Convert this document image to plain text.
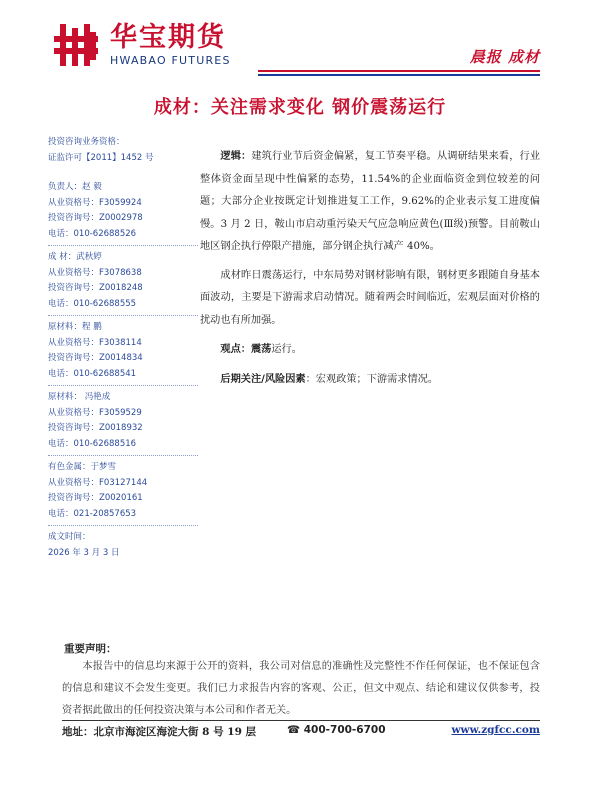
华宝期货
HWABAO FUTURES	晨报 成材
成材：关注需求变化 钢价震荡运行
投资咨询业务资格：
证监许可【2011】1452 号
负责人：赵 毅
从业资格号：F3059924
投资咨询号：Z0002978
电话：010-62688526
成 材：武秋婷
从业资格号：F3078638
投资咨询号：Z0018248
电话：010-62688555
原材料：程 鹏
从业资格号：F3038114
投资咨询号：Z0014834
电话：010-62688541
原材料： 冯艳成
从业资格号：F3059529
投资咨询号：Z0018932
电话：010-62688516
有色金属：于梦雪
从业资格号：F03127144
投资咨询号：Z0020161
电话：021-20857653
成文时间：
2026 年 3 月 3 日

逻辑：建筑行业节后资金偏紧，复工节奏平稳。从调研结果来看，行业整体资金面呈现中性偏紧的态势，11.54%的企业面临资金到位较差的问题；大部分企业按既定计划推进复工工作，9.62%的企业表示复工进度偏慢。3 月 2 日，鞍山市启动重污染天气应急响应黄色(Ⅲ级)预警。目前鞍山地区钢企执行停限产措施，部分钢企执行减产 40%。

成材昨日震荡运行，中东局势对钢材影响有限，钢材更多跟随自身基本面波动，主要是下游需求启动情况。随着两会时间临近，宏观层面对价格的扰动也有所加强。

观点：震荡运行。

后期关注/风险因素：宏观政策；下游需求情况。

重要声明：
本报告中的信息均来源于公开的资料，我公司对信息的准确性及完整性不作任何保证，也不保证包含的信息和建议不会发生变更。我们已力求报告内容的客观、公正，但文中观点、结论和建议仅供参考，投资者据此做出的任何投资决策与本公司和作者无关。
地址：北京市海淀区海淀大街 8 号 19 层	☎ 400-700-6700	www.zgfcc.com
